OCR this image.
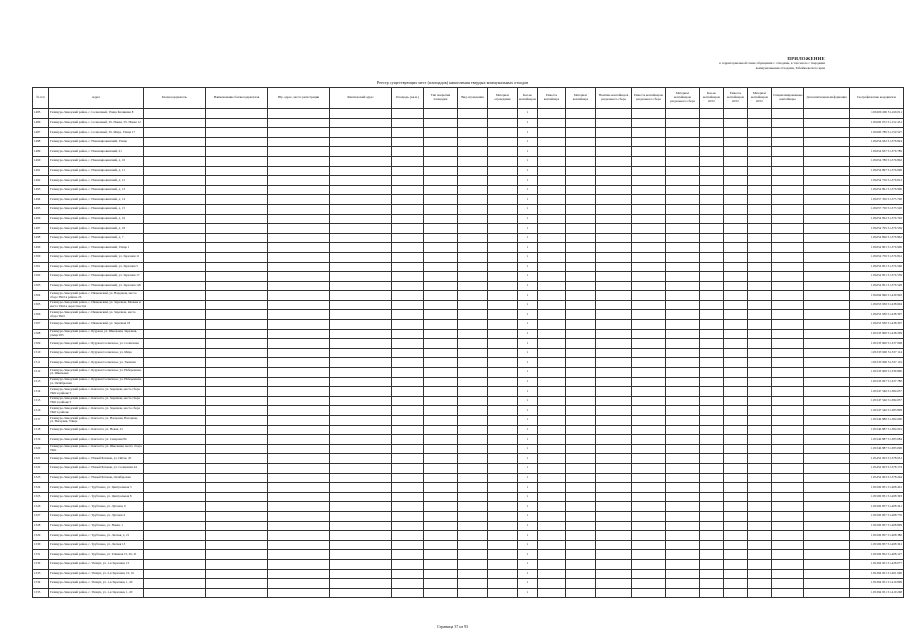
ПРИЛОЖЕНИЕ
к территориальной схеме обращения с отходами, в том числе с твердыми
коммунальными отходами, Забайкальского края
Реестр существующих мест (площадок) накопления твердых коммунальных отходов
№ п/п	Адрес	Балансодержатель	Наименование балансодержателя	Юр. адрес, место регистрации	Фактический адрес	Площадь, (кв.м.)	Тип покрытия площадки	Вид ограждения	Материал ограждения	Кол-во контейнеров	Емкость контейнера	Материал контейнера	Наличие контейнеров раздельного сбора	Емкость контейнеров раздельного сбора	Материал контейнеров раздельного сбора	Кол-во контейнеров КГО	Емкость контейнеров КГО	Материал контейнеров КГО	Специализированные контейнеры	Дополнительная информация	Географические координаты
1485	Газимуро-Заводский район, с. Солнечный, Улица Калинина 8									1											118.000 200 51.166 011
1486	Газимуро-Заводский район, с. Солнечный, Ул. Новая, Ул. Новая 12									1											118.000 072 51.152 451
1487	Газимуро-Заводский район, с. Солнечный, Ул. Мира, Улица 17									1											118.000 786 51.150 527
1488	Газимуро-Заводский район, с. Новоширокинский, Улица									1											118.054 932 51.376 824
1489	Газимуро-Заводский район, с. Новоширокинский, 21									1											118.054 937 51.376 789
1490	Газимуро-Заводский район, с. Новоширокинский, д. 10									1											118.054 780 51.376 862
1491	Газимуро-Заводский район, с. Новоширокинский, д. 11									1											118.054 897 51.376 090
1492	Газимуро-Заводский район, с. Новоширокинский, д. 12									1											118.054 750 51.376 812
1493	Газимуро-Заводский район, с. Новоширокинский, д. 13									1											118.054 891 51.376 900
1494	Газимуро-Заводский район, с. Новоширокинский, д. 14									1											118.057 356 51.375 700
1495	Газимуро-Заводский район, с. Новоширокинский, д. 15									1											118.057 750 51.375 520
1496	Газимуро-Заводский район, с. Новоширокинский, д. 16									1											118.054 852 51.376 792
1497	Газимуро-Заводский район, с. Новоширокинский, д. 18									1											118.054 795 51.376 559
1498	Газимуро-Заводский район, с. Новоширокинский, д. 7									1											118.054 806 51.376 862
1499	Газимуро-Заводский район, с. Новоширокинский, Улица 1									1											118.054 801 51.376 900
1500	Газимуро-Заводский район, с. Новоширокинский, ул. Заречная 11									1											118.054 750 51.376 812
1501	Газимуро-Заводский район, с. Новоширокинский, ул. Заречная 5									1											118.054 851 51.376 560
1502	Газимуро-Заводский район, с. Новоширокинский, ул. Заречная 17									1											118.054 851 51.376 559
1503	Газимуро-Заводский район, с. Новоширокинский, ул. Заречная 120									1											118.054 851 51.376 528
1504	Газимуро-Заводский район, с. Ивановский, ул. Народная, место сбора ТКО в районе 26									1											118.094 996 51.439 992
1505	Газимуро-Заводский район, с. Ивановский, ул. Заречная, Мелкие и места ТКО в окрестностях									1											118.053 930 51.438 694
1506	Газимуро-Заводский район, с. Ивановский, ул. Заречная, место сбора ТКО									1											118.053 930 51.438 307
1507	Газимуро-Заводский район, с. Ивановский, ул. Заречная 18									1											118.053 930 51.438 307
1508	Газимуро-Заводский район, с. Бурукан, ул. Школьная, Заречная, улица 283									1											118.533 900 51.438 209
1509	Газимуро-Заводский район, с. Бурукан Солнечное, ул. Солнечная									1											118.533 900 51.337 008
1510	Газимуро-Заводский район, с. Бурукан Солнечное, ул. Мира									1											118.533 900 51.337 114
1511	Газимуро-Заводский район, с. Бурукан Солнечное, ул. Таежная									1											118.533 900 51.337 116
1512	Газимуро-Заводский район, с. Бурукан Солнечное, ул. Набережная, ул. Школьная									1											118.533 900 51.336 800
1513	Газимуро-Заводский район, с. Бурукан Солнечное, ул. Набережная, ул. Октябрьская									1											118.533 927 51.337 780
1514	Газимуро-Заводский район, с. Кактолга, ул. Заречная, место сбора ТКО в районе 5									1											118.547 546 51.384 057
1515	Газимуро-Заводский район, с. Кактолга, ул. Заречная, место сбора ТКО в районе 5									1											118.547 546 51.384 057
1516	Газимуро-Заводский район, с. Кактолга, ул. Заречная, место сбора ТКО в районе									1											118.547 546 51.383 809
1517	Газимуро-Заводский район, с. Кактолга, ул. Нагорная, Нагорная, ул. Нагорная, Улица									1											118.546 886 51.384 000
1518	Газимуро-Заводский район, с. Кактолга, ул. Новая, 21									1											118.546 887 51.384 001
1519	Газимуро-Заводский район, с. Кактолга, ул. Северная 84									1											118.546 887 51.383 084
1520	Газимуро-Заводский район, с. Кактолга, ул. Школьная, место сбора ТКО									1											118.546 887 51.383 090
1521	Газимуро-Заводский район, с. Новый Батакан, ул. Пятая, 45									1											118.452 003 51.378 051
1522	Газимуро-Заводский район, с. Новый Батакан, ул. Солнечная 44									1											118.452 003 51.378 174
1523	Газимуро-Заводский район, с. Новый Батакан, Октябрьская									1											118.452 003 51.378 264
1524	Газимуро-Заводский район, с. Трубачево, ул. Центральная 3									1											118.506 851 51.408 401
1525	Газимуро-Заводский район, с. Трубачево, ул. Центральная 8									1											118.506 851 51.408 393
1526	Газимуро-Заводский район, с. Трубачево, ул. Луговая, 9									1											118.506 857 51.408 341
1527	Газимуро-Заводский район, с. Трубачево, ул. Луговая 4									1											118.506 857 51.408 770
1528	Газимуро-Заводский район, с. Трубачево, ул. Новая, 1									1											118.506 857 51.408 809
1529	Газимуро-Заводский район, с. Трубачево, ул. Лесная, д. 21									1											118.506 857 51.408 380
1530	Газимуро-Заводский район, с. Трубачево, ул. Лесная 13									1											118.506 857 51.408 341
1531	Газимуро-Заводский район, с. Трубачево, ул. Таёжная 15, 20, 31									1											118.506 852 51.408 127
1532	Газимуро-Заводский район, с. Ушмун, ул. 1-я Заречная, 15									1											118.394 951 51.428 077
1533	Газимуро-Заводский район, с. Ушмун, ул. 2-я Заречная, 10, 16									1											118.394 951 51.401 600
1534	Газимуро-Заводский район, с. Ушмун, ул. 1-я Заречная, 1, 20									1											118.394 951 51.419 809
1535	Газимуро-Заводский район, с. Ушмун, ул. 1-я Заречная, 1, 20									1											118.394 951 51.419 268
Страница 37 из 93
